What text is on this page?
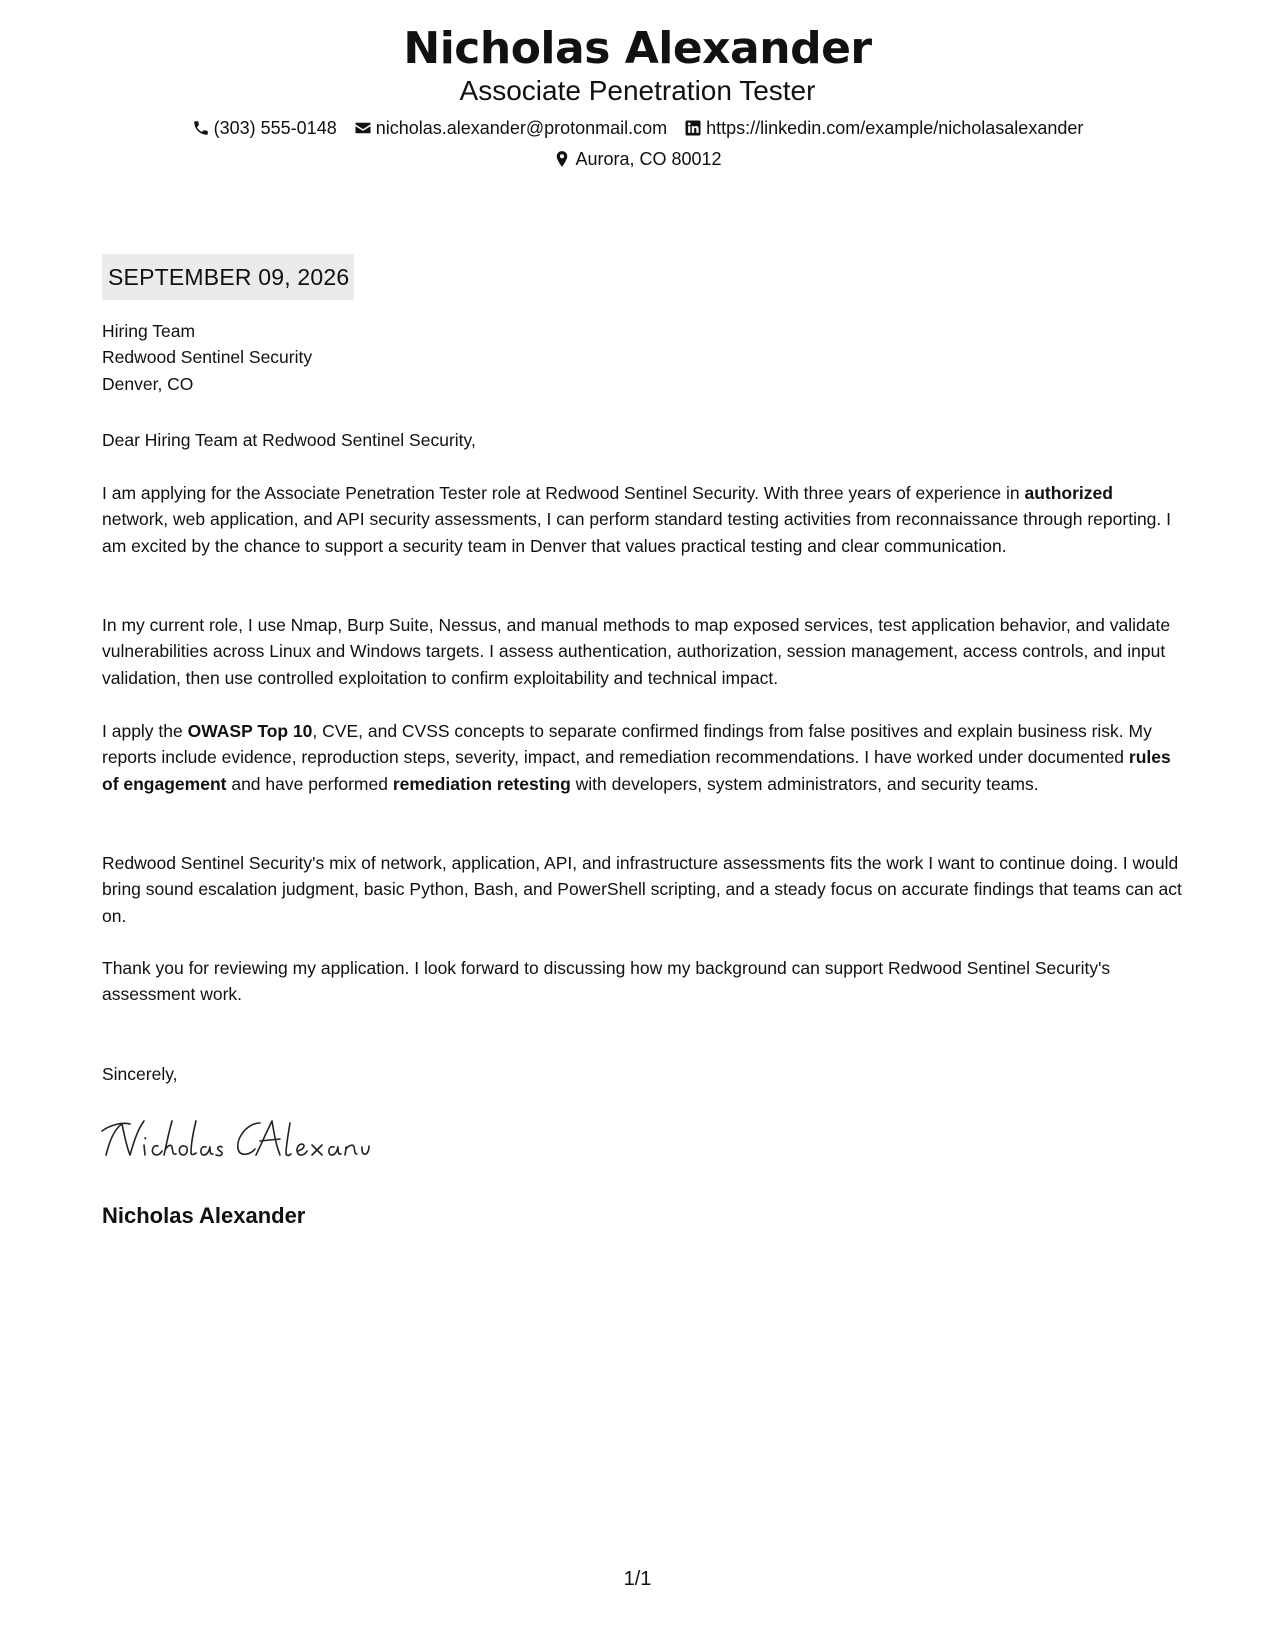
Nicholas Alexander
Associate Penetration Tester
(303) 555-0148 nicholas.alexander@protonmail.com https://linkedin.com/example/nicholasalexander
Aurora, CO 80012
SEPTEMBER 09, 2026
Hiring Team
Redwood Sentinel Security
Denver, CO
Dear Hiring Team at Redwood Sentinel Security,

I am applying for the Associate Penetration Tester role at Redwood Sentinel Security. With three years of experience in authorized network, web application, and API security assessments, I can perform standard testing activities from reconnaissance through reporting. I am excited by the chance to support a security team in Denver that values practical testing and clear communication.

In my current role, I use Nmap, Burp Suite, Nessus, and manual methods to map exposed services, test application behavior, and validate vulnerabilities across Linux and Windows targets. I assess authentication, authorization, session management, access controls, and input validation, then use controlled exploitation to confirm exploitability and technical impact.

I apply the OWASP Top 10, CVE, and CVSS concepts to separate confirmed findings from false positives and explain business risk. My reports include evidence, reproduction steps, severity, impact, and remediation recommendations. I have worked under documented rules of engagement and have performed remediation retesting with developers, system administrators, and security teams.

Redwood Sentinel Security's mix of network, application, API, and infrastructure assessments fits the work I want to continue doing. I would bring sound escalation judgment, basic Python, Bash, and PowerShell scripting, and a steady focus on accurate findings that teams can act on.

Thank you for reviewing my application. I look forward to discussing how my background can support Redwood Sentinel Security's assessment work.

Sincerely,
Nicholas Alexander
1/1
